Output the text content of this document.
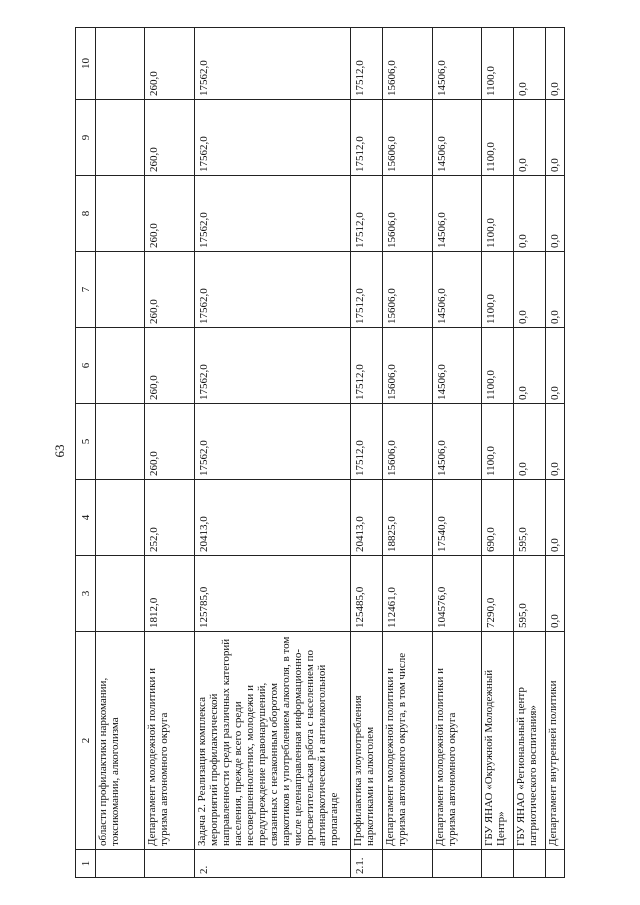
63
1	2	3	4	5	6	7	8	9	10
	области профилактики наркомании, токсикомании, алкоголизма								
	Департамент молодежной политики и туризма автономного округа	1812,0	252,0	260,0	260,0	260,0	260,0	260,0	260,0
2.	Задача 2. Реализация комплекса мероприятий профилактической направленности среди различных категорий населения, прежде всего среди несовершеннолетних, молодежи и предупреждение правонарушений, связанных с незаконным оборотом наркотиков и употреблением алкоголя, в том числе целенаправленная информационно-просветительская работа с населением по антинаркотической и антиалкогольной пропаганде	125785,0	20413,0	17562,0	17562,0	17562,0	17562,0	17562,0	17562,0
2.1.	Профилактика злоупотребления наркотиками и алкоголем	125485,0	20413,0	17512,0	17512,0	17512,0	17512,0	17512,0	17512,0
	Департамент молодежной политики и туризма автономного округа, в том числе	112461,0	18825,0	15606,0	15606,0	15606,0	15606,0	15606,0	15606,0
	Департамент молодежной политики и туризма автономного округа	104576,0	17540,0	14506,0	14506,0	14506,0	14506,0	14506,0	14506,0
	ГБУ ЯНАО «Окружной Молодежный Центр»	7290,0	690,0	1100,0	1100,0	1100,0	1100,0	1100,0	1100,0
	ГБУ ЯНАО «Региональный центр патриотического воспитания»	595,0	595,0	0,0	0,0	0,0	0,0	0,0	0,0
	Департамент внутренней политики	0,0	0,0	0,0	0,0	0,0	0,0	0,0	0,0
